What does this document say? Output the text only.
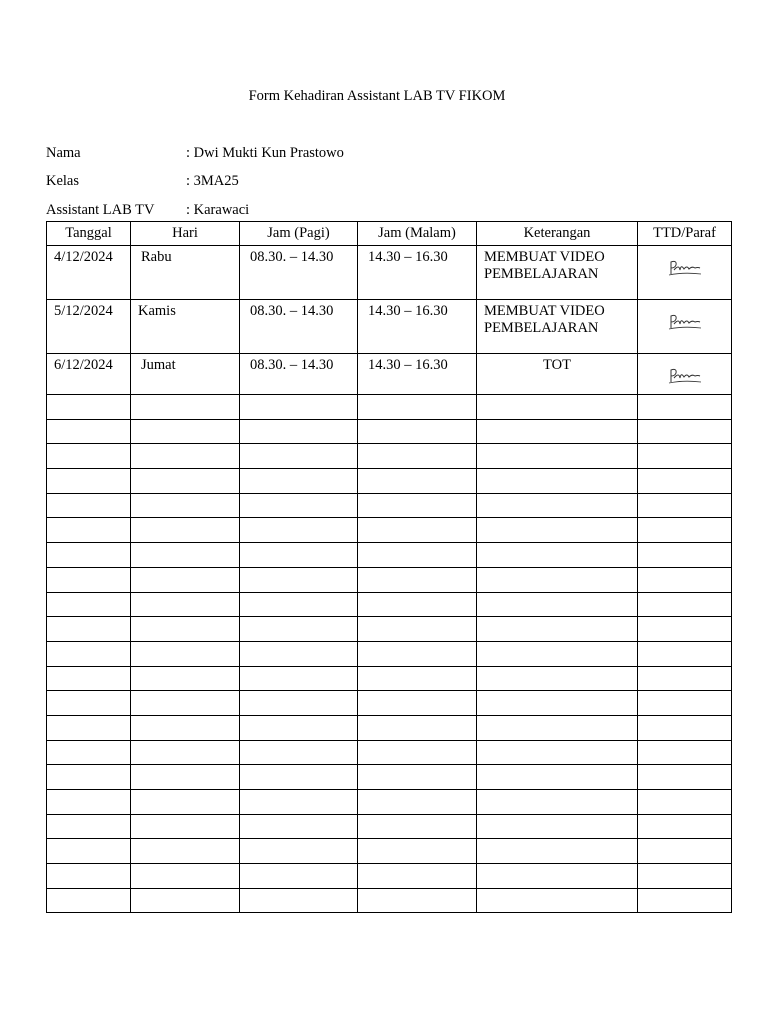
Form Kehadiran Assistant LAB TV FIKOM
Nama	: Dwi Mukti Kun Prastowo
Kelas	: 3MA25
Assistant LAB TV : Karawaci
Tanggal	Hari	Jam (Pagi)	Jam (Malam)	Keterangan	TTD/Paraf

4/12/2024	Rabu	08.30. – 14.30	14.30 – 16.30	MEMBUAT VIDEO PEMBELAJARAN

5/12/2024	Kamis	08.30. – 14.30	14.30 – 16.30	MEMBUAT VIDEO PEMBELAJARAN

6/12/2024	Jumat	08.30. – 14.30	14.30 – 16.30	TOT
